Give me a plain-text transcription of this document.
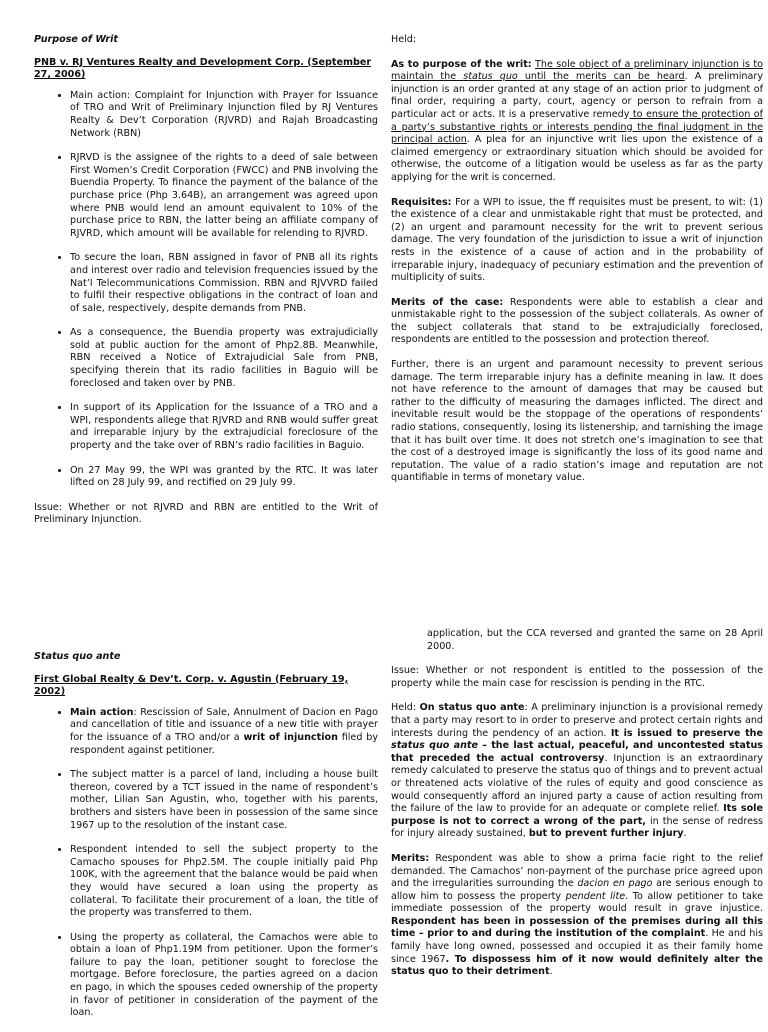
Purpose of Writ
PNB v. RJ Ventures Realty and Development Corp. (September 27, 2006)
• Main action: Complaint for Injunction with Prayer for Issuance of TRO and Writ of Preliminary Injunction filed by RJ Ventures Realty & Dev’t Corporation (RJVRD) and Rajah Broadcasting Network (RBN)
• RJRVD is the assignee of the rights to a deed of sale between First Women’s Credit Corporation (FWCC) and PNB involving the Buendia Property. To finance the payment of the balance of the purchase price (Php 3.64B), an arrangement was agreed upon where PNB would lend an amount equivalent to 10% of the purchase price to RBN, the latter being an affiliate company of RJVRD, which amount will be available for relending to RJVRD.
• To secure the loan, RBN assigned in favor of PNB all its rights and interest over radio and television frequencies issued by the Nat’l Telecommunications Commission. RBN and RJVVRD failed to fulfil their respective obligations in the contract of loan and of sale, respectively, despite demands from PNB.
• As a consequence, the Buendia property was extrajudicially sold at public auction for the amont of Php2.8B. Meanwhile, RBN received a Notice of Extrajudicial Sale from PNB, specifying therein that its radio facilities in Baguio will be foreclosed and taken over by PNB.
• In support of its Application for the Issuance of a TRO and a WPI, respondents allege that RJVRD and RNB would suffer great and irreparable injury by the extrajudicial foreclosure of the property and the take over of RBN’s radio facilities in Baguio.
• On 27 May 99, the WPI was granted by the RTC. It was later lifted on 28 July 99, and rectified on 29 July 99.

Issue: Whether or not RJVRD and RBN are entitled to the Writ of Preliminary Injunction.

Held:

As to purpose of the writ: The sole object of a preliminary injunction is to maintain the status quo until the merits can be heard. A preliminary injunction is an order granted at any stage of an action prior to judgment of final order, requiring a party, court, agency or person to refrain from a particular act or acts. It is a preservative remedy to ensure the protection of a party’s substantive rights or interests pending the final judgment in the principal action. A plea for an injunctive writ lies upon the existence of a claimed emergency or extraordinary situation which should be avoided for otherwise, the outcome of a litigation would be useless as far as the party applying for the writ is concerned.

Requisites: For a WPI to issue, the ff requisites must be present, to wit: (1) the existence of a clear and unmistakable right that must be protected, and (2) an urgent and paramount necessity for the writ to prevent serious damage. The very foundation of the jurisdiction to issue a writ of injunction rests in the existence of a cause of action and in the probability of irreparable injury, inadequacy of pecuniary estimation and the prevention of multiplicity of suits.

Merits of the case: Respondents were able to establish a clear and unmistakable right to the possession of the subject collaterals. As owner of the subject collaterals that stand to be extrajudicially foreclosed, respondents are entitled to the possession and protection thereof.

Further, there is an urgent and paramount necessity to prevent serious damage. The term irreparable injury has a definite meaning in law. It does not have reference to the amount of damages that may be caused but rather to the difficulty of measuring the damages inflicted. The direct and inevitable result would be the stoppage of the operations of respondents’ radio stations, consequently, losing its listenership, and tarnishing the image that it has built over time. It does not stretch one’s imagination to see that the cost of a destroyed image is significantly the loss of its good name and reputation. The value of a radio station’s image and reputation are not quantifiable in terms of monetary value.

Status quo ante
First Global Realty & Dev’t. Corp. v. Agustin (February 19, 2002)
• Main action: Rescission of Sale, Annulment of Dacion en Pago and cancellation of title and issuance of a new title with prayer for the issuance of a TRO and/or a writ of injunction filed by respondent against petitioner.
• The subject matter is a parcel of land, including a house built thereon, covered by a TCT issued in the name of respondent’s mother, Lilian San Agustin, who, together with his parents, brothers and sisters have been in possession of the same since 1967 up to the resolution of the instant case.
• Respondent intended to sell the subject property to the Camacho spouses for Php2.5M. The couple initially paid Php 100K, with the agreement that the balance would be paid when they would have secured a loan using the property as collateral. To facilitate their procurement of a loan, the title of the property was transferred to them.
• Using the property as collateral, the Camachos were able to obtain a loan of Php1.19M from petitioner. Upon the former’s failure to pay the loan, petitioner sought to foreclose the mortgage. Before foreclosure, the parties agreed on a dacion en pago, in which the spouses ceded ownership of the property in favor of petitioner in consideration of the payment of the loan.

application, but the CCA reversed and granted the same on 28 April 2000.

Issue: Whether or not respondent is entitled to the possession of the property while the main case for rescission is pending in the RTC.

Held: On status quo ante: A preliminary injunction is a provisional remedy that a party may resort to in order to preserve and protect certain rights and interests during the pendency of an action. It is issued to preserve the status quo ante – the last actual, peaceful, and uncontested status that preceded the actual controversy. Injunction is an extraordinary remedy calculated to preserve the status quo of things and to prevent actual or threatened acts violative of the rules of equity and good conscience as would consequently afford an injured party a cause of action resulting from the failure of the law to provide for an adequate or complete relief. Its sole purpose is not to correct a wrong of the part, in the sense of redress for injury already sustained, but to prevent further injury.

Merits: Respondent was able to show a prima facie right to the relief demanded. The Camachos’ non-payment of the purchase price agreed upon and the irregularities surrounding the dacion en pago are serious enough to allow him to possess the property pendent lite. To allow petitioner to take immediate possession of the property would result in grave injustice. Respondent has been in possession of the premises during all this time – prior to and during the institution of the complaint. He and his family have long owned, possessed and occupied it as their family home since 1967. To dispossess him of it now would definitely alter the status quo to their detriment.
